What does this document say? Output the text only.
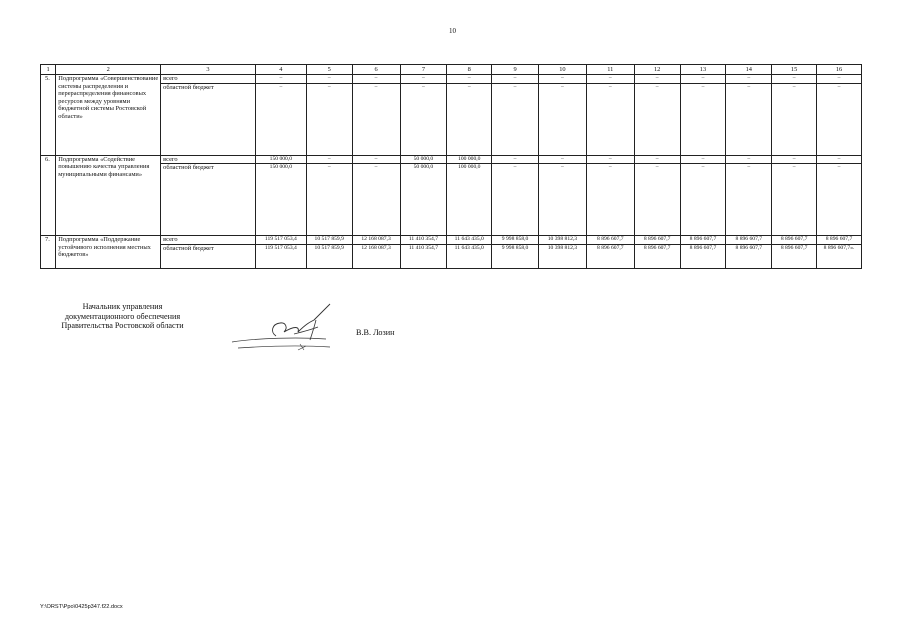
10
1	2	3	4	5	6	7	8	9	10	11	12	13	14	15	16
5.	Подпрограмма «Совершенствование системы распределения и перераспределения финансовых ресурсов между уровнями бюджетной системы Ростовской области»	всего	–	–	–	–	–	–	–	–	–	–	–	–	–
		областной бюджет	–	–	–	–	–	–	–	–	–	–	–	–	–
6.	Подпрограмма «Содействие повышению качества управления муниципальными финансами»	всего	150 000,0	–	–	50 000,0	100 000,0	–	–	–	–	–	–	–	–
		областной бюджет	150 000,0	–	–	50 000,0	100 000,0	–	–	–	–	–	–	–	–
7.	Подпрограмма «Поддержание устойчивого исполнения местных бюджетов»	всего	119 517 053,4	10 517 859,9	12 168 087,3	11 410 354,7	11 643 435,0	9 998 858,0	10 398 812,3	8 896 607,7	8 896 607,7	8 896 607,7	8 896 607,7	8 896 607,7	8 896 607,7
		областной бюджет	119 517 053,4	10 517 859,9	12 168 087,3	11 410 354,7	11 643 435,0	9 998 858,0	10 398 812,3	8 896 607,7	8 896 607,7	8 896 607,7	8 896 607,7	8 896 607,7	8 896 607,7».
Начальник управления
документационного обеспечения
Правительства Ростовской области
В.В. Лозин
Y:\ORST\Ppo\0425p347.f22.docx
